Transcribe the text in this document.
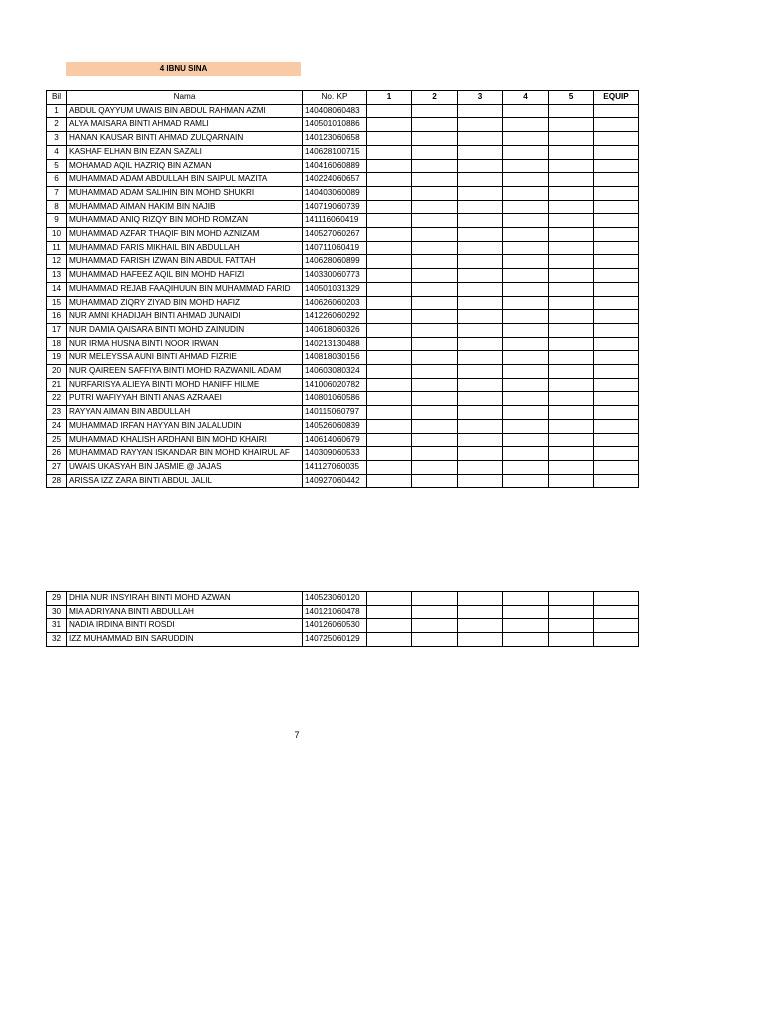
4 IBNU SINA
Bil	Nama	No. KP	1	2	3	4	5	EQUIP
1	ABDUL QAYYUM UWAIS BIN ABDUL RAHMAN AZMI	140408060483						
2	ALYA MAISARA BINTI AHMAD RAMLI	140501010886						
3	HANAN KAUSAR BINTI AHMAD ZULQARNAIN	140123060658						
4	KASHAF ELHAN BIN EZAN SAZALI	140628100715						
5	MOHAMAD AQIL HAZRIQ BIN AZMAN	140416060889						
6	MUHAMMAD ADAM ABDULLAH BIN SAIPUL MAZITA	140224060657						
7	MUHAMMAD ADAM SALIHIN BIN MOHD SHUKRI	140403060089						
8	MUHAMMAD AIMAN HAKIM BIN NAJIB	140719060739						
9	MUHAMMAD ANIQ RIZQY BIN MOHD ROMZAN	141116060419						
10	MUHAMMAD AZFAR THAQIF BIN MOHD AZNIZAM	140527060267						
11	MUHAMMAD FARIS MIKHAIL BIN ABDULLAH	140711060419						
12	MUHAMMAD FARISH IZWAN BIN ABDUL FATTAH	140628060899						
13	MUHAMMAD HAFEEZ AQIL BIN MOHD HAFIZI	140330060773						
14	MUHAMMAD REJAB FAAQIHUUN BIN MUHAMMAD FARID	140501031329						
15	MUHAMMAD ZIQRY ZIYAD BIN MOHD HAFIZ	140626060203						
16	NUR AMNI KHADIJAH BINTI AHMAD JUNAIDI	141226060292						
17	NUR DAMIA QAISARA BINTI MOHD ZAINUDIN	140618060326						
18	NUR IRMA HUSNA BINTI NOOR IRWAN	140213130488						
19	NUR MELEYSSA AUNI BINTI AHMAD FIZRIE	140818030156						
20	NUR QAIREEN SAFFIYA BINTI MOHD RAZWANIL ADAM	140603080324						
21	NURFARISYA ALIEYA BINTI MOHD HANIFF HILME	141006020782						
22	PUTRI WAFIYYAH BINTI ANAS AZRAAEI	140801060586						
23	RAYYAN AIMAN BIN ABDULLAH	140115060797						
24	MUHAMMAD IRFAN HAYYAN BIN JALALUDIN	140526060839						
25	MUHAMMAD KHALISH ARDHANI BIN MOHD KHAIRI	140614060679						
26	MUHAMMAD RAYYAN ISKANDAR BIN MOHD KHAIRUL AF	140309060533						
27	UWAIS UKASYAH BIN JASMIE @ JAJAS	141127060035						
28	ARISSA IZZ ZARA BINTI ABDUL JALIL	140927060442						
29	DHIA NUR INSYIRAH BINTI MOHD AZWAN	140523060120						
30	MIA ADRIYANA BINTI ABDULLAH	140121060478						
31	NADIA IRDINA BINTI ROSDI	140126060530						
32	IZZ MUHAMMAD BIN SARUDDIN	140725060129						
7
